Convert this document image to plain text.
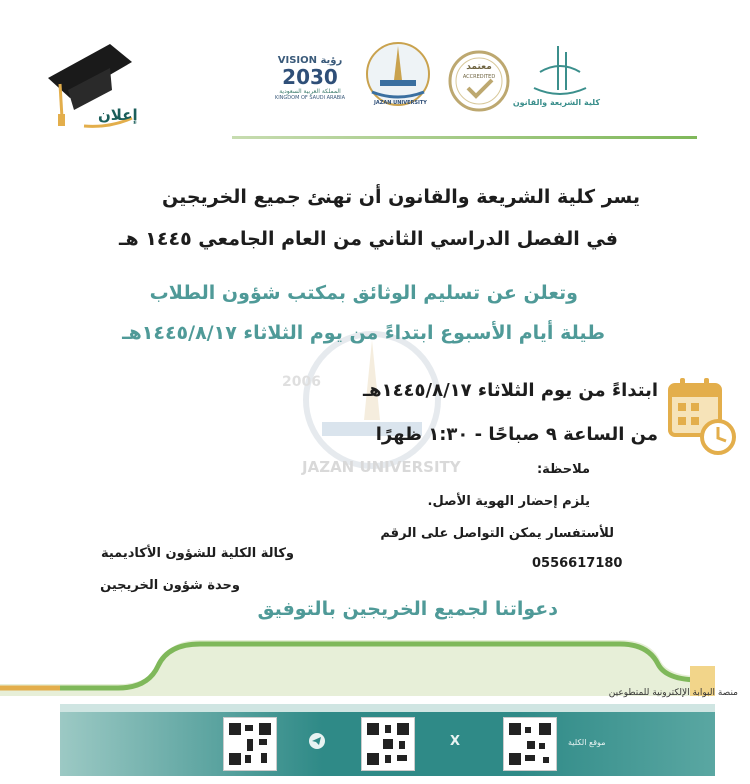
إعلان
VISION رؤية
2030
المملكة العربية السعودية
KINGDOM OF SAUDI ARABIA
JAZAN UNIVERSITY
معتمد
ACCREDITED
كلية الشريعة والقانون
2006
JAZAN UNIVERSITY
يسر كلية الشريعة والقانون أن تهنئ جميع الخريجين
في الفصل الدراسي الثاني من العام الجامعي ١٤٤٥ هـ
وتعلن عن تسليم الوثائق بمكتب شؤون الطلاب
طيلة أيام الأسبوع ابتداءً من يوم الثلاثاء ١٤٤٥/٨/١٧هـ
ابتداءً من يوم الثلاثاء ١٤٤٥/٨/١٧هـ
من الساعة ٩ صباحًا - ١:٣٠ ظهرًا
ملاحظة:
يلزم إحضار الهوية الأصل.
للأستفسار يمكن التواصل على الرقم
0556617180
وكالة الكلية للشؤون الأكاديمية
وحدة شؤون الخريجين
دعواتنا لجميع الخريجين بالتوفيق
منصة البوابة الإلكترونية للمتطوعين
موقع الكلية
X
